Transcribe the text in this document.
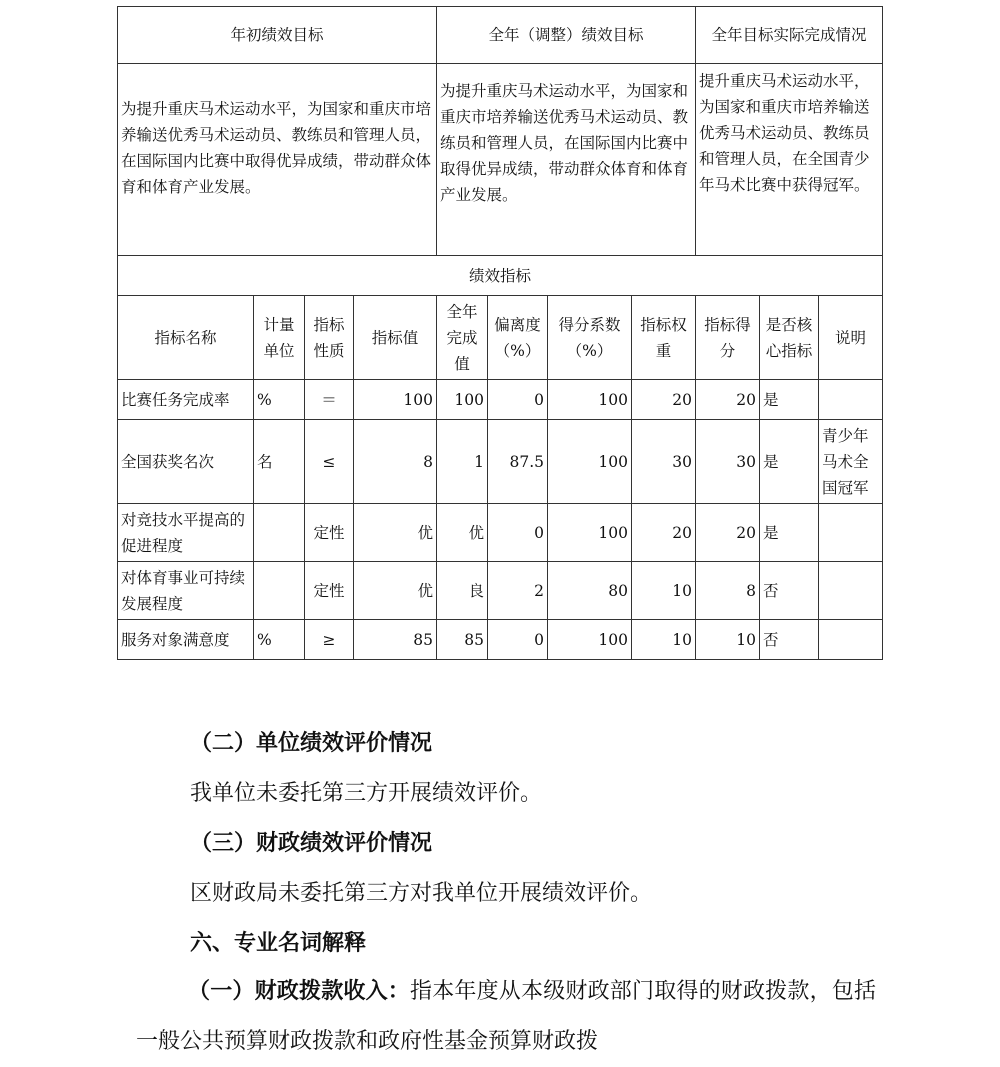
年初绩效目标				全年（调整）绩效目标				全年目标实际完成情况		
为提升重庆马术运动水平，为国家和重庆市培养输送优秀马术运动员、教练员和管理人员，在国际国内比赛中取得优异成绩，带动群众体育和体育产业发展。				为提升重庆马术运动水平，为国家和重庆市培养输送优秀马术运动员、教练员和管理人员，在国际国内比赛中取得优异成绩，带动群众体育和体育产业发展。				提升重庆马术运动水平，为国家和重庆市培养输送优秀马术运动员、教练员和管理人员，在全国青少年马术比赛中获得冠军。		
绩效指标										
指标名称	计量单位	指标性质	指标值	全年完成值	偏离度（%）	得分系数（%）	指标权重	指标得分	是否核心指标	说明
比赛任务完成率	%	＝	100	100	0	100	20	20	是	
全国获奖名次	名	≤	8	1	87.5	100	30	30	是	青少年马术全国冠军
对竞技水平提高的促进程度		定性	优	优	0	100	20	20	是	
对体育事业可持续发展程度		定性	优	良	2	80	10	8	否	
服务对象满意度	%	≥	85	85	0	100	10	10	否	
（二）单位绩效评价情况
我单位未委托第三方开展绩效评价。
（三）财政绩效评价情况
区财政局未委托第三方对我单位开展绩效评价。
六、专业名词解释
（一）财政拨款收入：指本年度从本级财政部门取得的财政拨款，包括一般公共预算财政拨款和政府性基金预算财政拨
